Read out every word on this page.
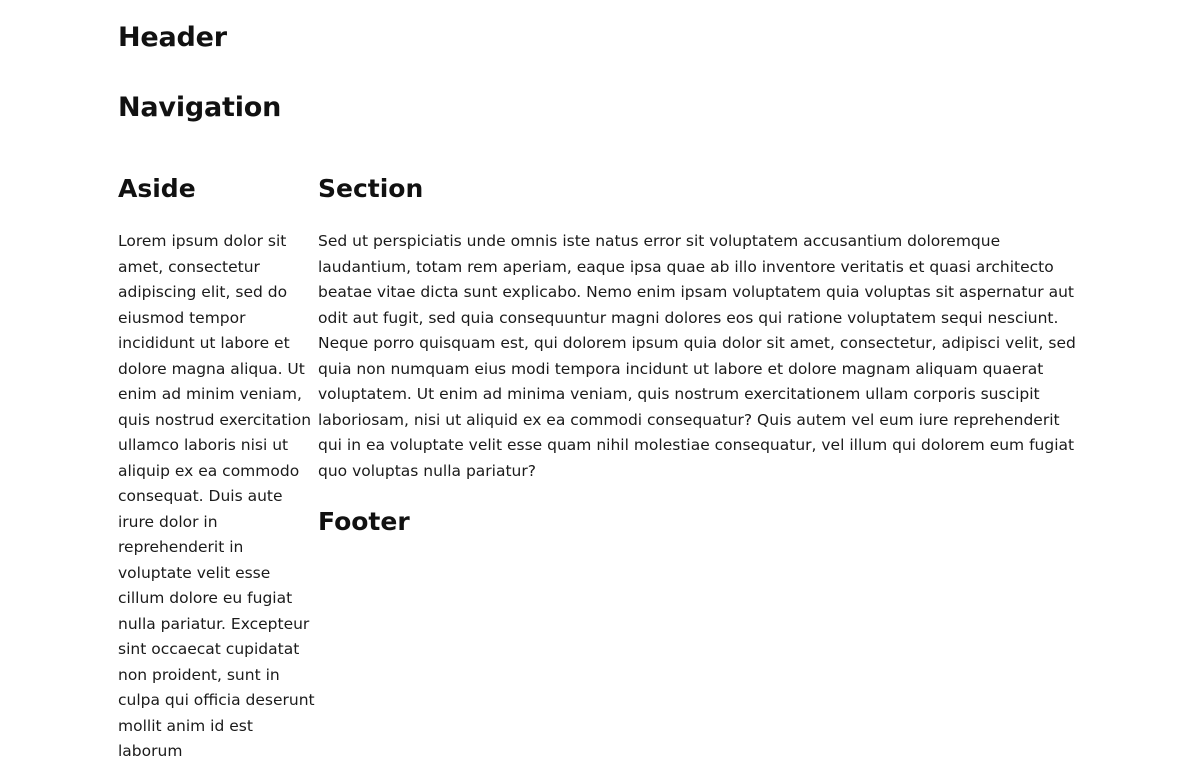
Header
Navigation
Aside

Lorem ipsum dolor sit amet, consectetur adipiscing elit, sed do eiusmod tempor incididunt ut labore et dolore magna aliqua. Ut enim ad minim veniam, quis nostrud exercitation ullamco laboris nisi ut aliquip ex ea commodo consequat. Duis aute irure dolor in reprehenderit in voluptate velit esse cillum dolore eu fugiat nulla pariatur. Excepteur sint occaecat cupidatat non proident, sunt in culpa qui officia deserunt mollit anim id est laborum

Section

Sed ut perspiciatis unde omnis iste natus error sit voluptatem accusantium doloremque laudantium, totam rem aperiam, eaque ipsa quae ab illo inventore veritatis et quasi architecto beatae vitae dicta sunt explicabo. Nemo enim ipsam voluptatem quia voluptas sit aspernatur aut odit aut fugit, sed quia consequuntur magni dolores eos qui ratione voluptatem sequi nesciunt. Neque porro quisquam est, qui dolorem ipsum quia dolor sit amet, consectetur, adipisci velit, sed quia non numquam eius modi tempora incidunt ut labore et dolore magnam aliquam quaerat voluptatem. Ut enim ad minima veniam, quis nostrum exercitationem ullam corporis suscipit laboriosam, nisi ut aliquid ex ea commodi consequatur? Quis autem vel eum iure reprehenderit qui in ea voluptate velit esse quam nihil molestiae consequatur, vel illum qui dolorem eum fugiat quo voluptas nulla pariatur?

Footer
